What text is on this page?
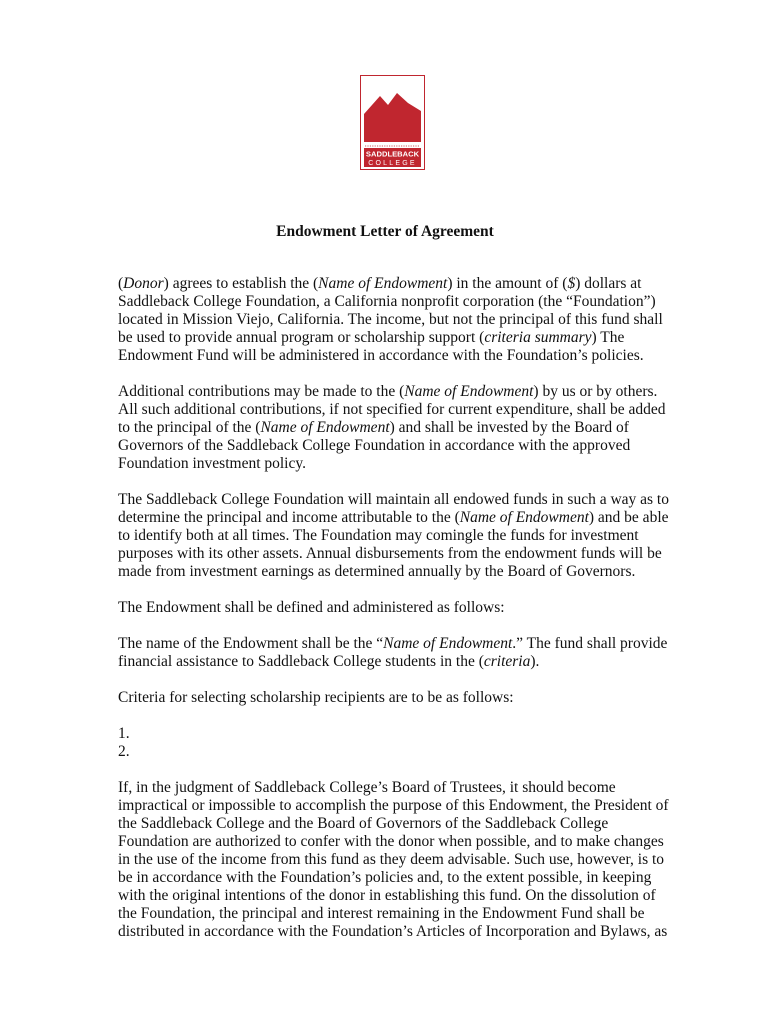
SADDLEBACK
COLLEGE
Endowment Letter of Agreement

(Donor) agrees to establish the (Name of Endowment) in the amount of ($) dollars at
Saddleback College Foundation, a California nonprofit corporation (the “Foundation”)
located in Mission Viejo, California. The income, but not the principal of this fund shall
be used to provide annual program or scholarship support (criteria summary) The
Endowment Fund will be administered in accordance with the Foundation’s policies.

Additional contributions may be made to the (Name of Endowment) by us or by others.
All such additional contributions, if not specified for current expenditure, shall be added
to the principal of the (Name of Endowment) and shall be invested by the Board of
Governors of the Saddleback College Foundation in accordance with the approved
Foundation investment policy.

The Saddleback College Foundation will maintain all endowed funds in such a way as to
determine the principal and income attributable to the (Name of Endowment) and be able
to identify both at all times. The Foundation may comingle the funds for investment
purposes with its other assets. Annual disbursements from the endowment funds will be
made from investment earnings as determined annually by the Board of Governors.

The Endowment shall be defined and administered as follows:

The name of the Endowment shall be the “Name of Endowment.” The fund shall provide
financial assistance to Saddleback College students in the (criteria).

Criteria for selecting scholarship recipients are to be as follows:

1.
2.

If, in the judgment of Saddleback College’s Board of Trustees, it should become
impractical or impossible to accomplish the purpose of this Endowment, the President of
the Saddleback College and the Board of Governors of the Saddleback College
Foundation are authorized to confer with the donor when possible, and to make changes
in the use of the income from this fund as they deem advisable. Such use, however, is to
be in accordance with the Foundation’s policies and, to the extent possible, in keeping
with the original intentions of the donor in establishing this fund. On the dissolution of
the Foundation, the principal and interest remaining in the Endowment Fund shall be
distributed in accordance with the Foundation’s Articles of Incorporation and Bylaws, as
